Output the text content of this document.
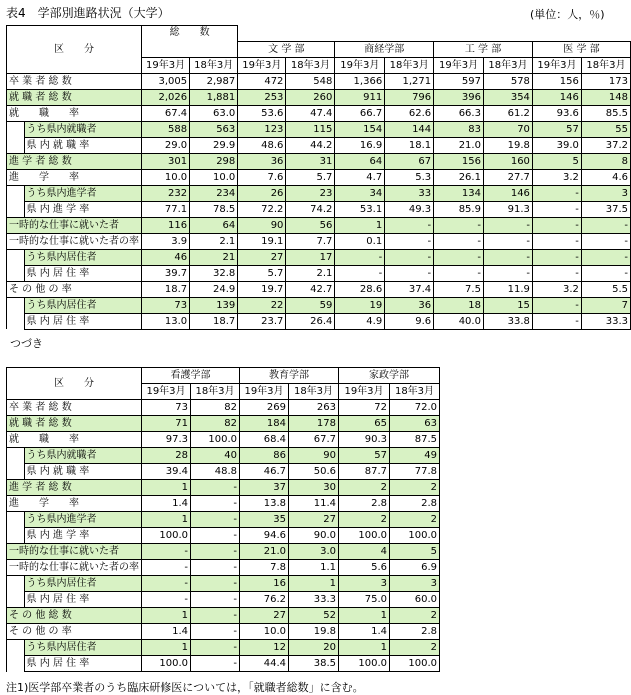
表4　学部別進路状況（大学）	(単位：人，％)
区　　分		総　　数									
				文 学 部		商経学部		工 学 部		医 学 部	
		19年3月	18年3月	19年3月	18年3月	19年3月	18年3月	19年3月	18年3月	19年3月	18年3月
卒 業 者 総 数		3,005	2,987	472	548	1,366	1,271	597	578	156	173
就 職 者 総 数		2,026	1,881	253	260	911	796	396	354	146	148
就　　職　　率		67.4	63.0	53.6	47.4	66.7	62.6	66.3	61.2	93.6	85.5
	うち県内就職者	588	563	123	115	154	144	83	70	57	55
	県 内 就 職 率	29.0	29.9	48.6	44.2	16.9	18.1	21.0	19.8	39.0	37.2
進 学 者 総 数		301	298	36	31	64	67	156	160	5	8
進　　学　　率		10.0	10.0	7.6	5.7	4.7	5.3	26.1	27.7	3.2	4.6
	うち県内進学者	232	234	26	23	34	33	134	146	-	3
	県 内 進 学 率	77.1	78.5	72.2	74.2	53.1	49.3	85.9	91.3	-	37.5
一時的な仕事に就いた者		116	64	90	56	1	-	-	-	-	-
一時的な仕事に就いた者の率		3.9	2.1	19.1	7.7	0.1	-	-	-	-	-
	うち県内居住者	46	21	27	17	-	-	-	-	-	-
	県 内 居 住 率	39.7	32.8	5.7	2.1	-	-	-	-	-	-
そ の 他 の 率		18.7	24.9	19.7	42.7	28.6	37.4	7.5	11.9	3.2	5.5
	うち県内居住者	73	139	22	59	19	36	18	15	-	7
	県 内 居 住 率	13.0	18.7	23.7	26.4	4.9	9.6	40.0	33.8	-	33.3
つづき
区　　分		看護学部		教育学部		家政学部	
		19年3月	18年3月	19年3月	18年3月	19年3月	18年3月
卒 業 者 総 数		73	82	269	263	72	72.0
就 職 者 総 数		71	82	184	178	65	63
就　　職　　率		97.3	100.0	68.4	67.7	90.3	87.5
	うち県内就職者	28	40	86	90	57	49
	県 内 就 職 率	39.4	48.8	46.7	50.6	87.7	77.8
進 学 者 総 数		1	-	37	30	2	2
進　　学　　率		1.4	-	13.8	11.4	2.8	2.8
	うち県内進学者	1	-	35	27	2	2
	県 内 進 学 率	100.0	-	94.6	90.0	100.0	100.0
一時的な仕事に就いた者		-	-	21.0	3.0	4	5
一時的な仕事に就いた者の率		-	-	7.8	1.1	5.6	6.9
	うち県内居住者	-	-	16	1	3	3
	県 内 居 住 率	-	-	76.2	33.3	75.0	60.0
そ の 他 総 数		1	-	27	52	1	2
そ の 他 の 率		1.4	-	10.0	19.8	1.4	2.8
	うち県内居住者	1	-	12	20	1	2
	県 内 居 住 率	100.0	-	44.4	38.5	100.0	100.0
注1)医学部卒業者のうち臨床研修医については，「就職者総数」に含む。
